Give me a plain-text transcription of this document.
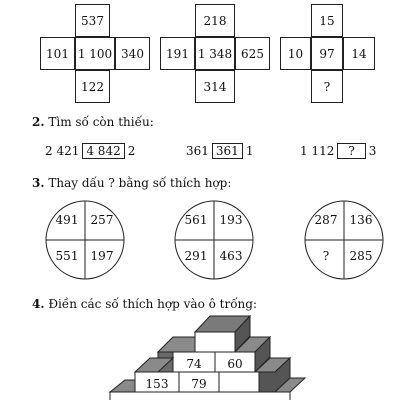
537
101 1 100 340
122
218
191 1 348 625
314
15
10	97	14
?
2. Tìm số còn thiếu:
2 421 4 842 2	361 361 1	1 112 ? 3
3. Thay dấu ? bằng số thích hợp:
491	257
551	197
561	193
291	463
287	136
?	285
4. Điền các số thích hợp vào ô trống:
74	60
153	79
